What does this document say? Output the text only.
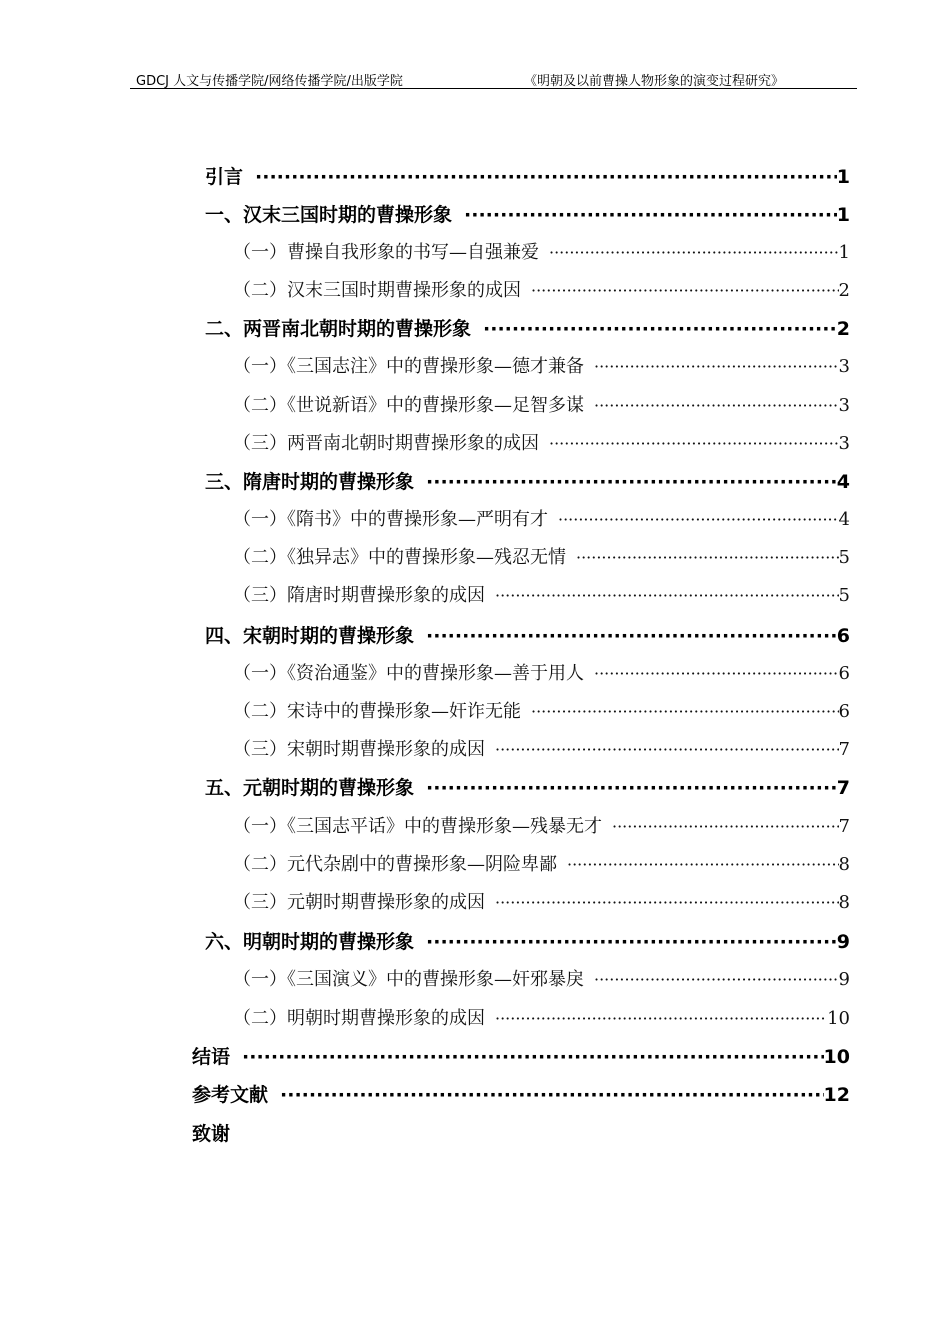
GDCJ 人文与传播学院/网络传播学院/出版学院	《明朝及以前曹操人物形象的演变过程研究》
引言 ·····	1
一、汉末三国时期的曹操形象 ·····	1
（一）曹操自我形象的书写—自强兼爱 ·····	1
（二）汉末三国时期曹操形象的成因 ·····	2
二、两晋南北朝时期的曹操形象 ·····	2
（一）《三国志注》中的曹操形象—德才兼备 ·····	3
（二）《世说新语》中的曹操形象—足智多谋 ·····	3
（三）两晋南北朝时期曹操形象的成因 ·····	3
三、隋唐时期的曹操形象 ·····	4
（一）《隋书》中的曹操形象—严明有才 ·····	4
（二）《独异志》中的曹操形象—残忍无情 ·····	5
（三）隋唐时期曹操形象的成因 ·····	5
四、宋朝时期的曹操形象 ·····	6
（一）《资治通鉴》中的曹操形象—善于用人 ·····	6
（二）宋诗中的曹操形象—奸诈无能 ·····	6
（三）宋朝时期曹操形象的成因 ·····	7
五、元朝时期的曹操形象 ·····	7
（一）《三国志平话》中的曹操形象—残暴无才 ·····	7
（二）元代杂剧中的曹操形象—阴险卑鄙 ·····	8
（三）元朝时期曹操形象的成因 ·····	8
六、明朝时期的曹操形象 ·····	9
（一）《三国演义》中的曹操形象—奸邪暴戾 ·····	9
（二）明朝时期曹操形象的成因 ·····	10
结语 ·····	10
参考文献 ·····	12
致谢
